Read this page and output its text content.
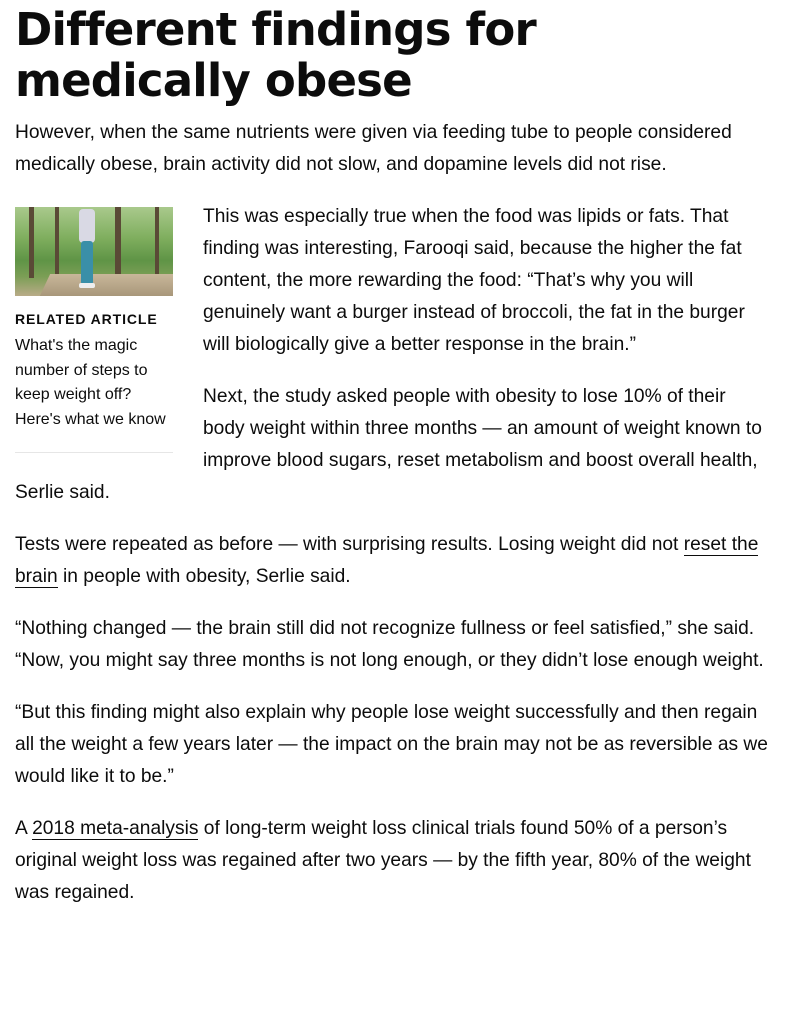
Different findings for medically obese

However, when the same nutrients were given via feeding tube to people considered medically obese, brain activity did not slow, and dopamine levels did not rise.

RELATED ARTICLE
What's the magic number of steps to keep weight off? Here's what we know

This was especially true when the food was lipids or fats. That finding was interesting, Farooqi said, because the higher the fat content, the more rewarding the food: “That’s why you will genuinely want a burger instead of broccoli, the fat in the burger will biologically give a better response in the brain.”

Next, the study asked people with obesity to lose 10% of their body weight within three months — an amount of weight known to improve blood sugars, reset metabolism and boost overall health, Serlie said.

Tests were repeated as before — with surprising results. Losing weight did not reset the brain in people with obesity, Serlie said.

“Nothing changed — the brain still did not recognize fullness or feel satisfied,” she said. “Now, you might say three months is not long enough, or they didn’t lose enough weight.

“But this finding might also explain why people lose weight successfully and then regain all the weight a few years later — the impact on the brain may not be as reversible as we would like it to be.”

A 2018 meta-analysis of long-term weight loss clinical trials found 50% of a person’s original weight loss was regained after two years — by the fifth year, 80% of the weight was regained.
